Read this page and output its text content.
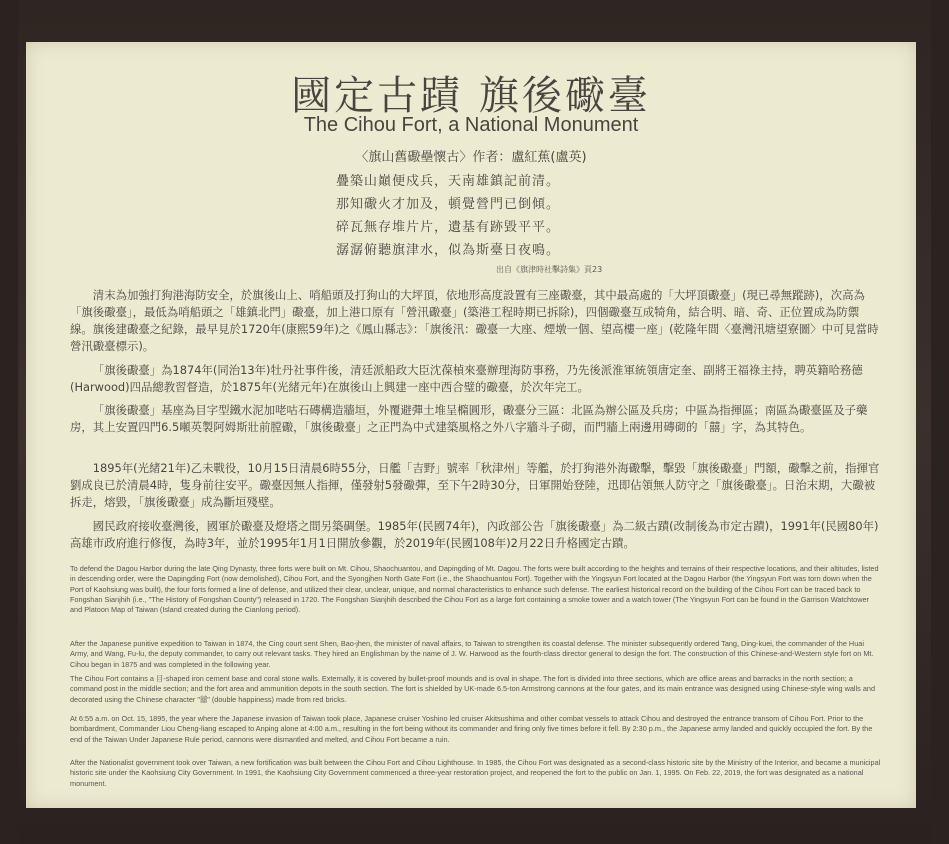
國定古蹟 旗後礮臺
The Cihou Fort, a National Monument
〈旗山舊礮壘懷古〉作者：盧紅蕉(盧英)
疊築山巔便戍兵，天南雄鎮記前清。
那知礮火才加及，頓覺營門已倒傾。
碎瓦無存堆片片，遺基有跡毀平平。
潺潺俯聽旗津水，似為斯臺日夜鳴。
出自《旗津時社擊詩集》頁23
清末為加強打狗港海防安全，於旗後山上、哨船頭及打狗山的大坪頂，依地形高度設置有三座礮臺，其中最高處的「大坪頂礮臺」(現已尋無蹤跡)，次高為「旗後礮臺」，最低為哨船頭之「雄鎮北門」礮臺，加上港口原有「營汛礮臺」(築港工程時期已拆除)，四個礮臺互成犄角，結合明、暗、奇、正位置成為防禦線。旗後建礮臺之紀錄，最早見於1720年(康熙59年)之《鳳山縣志》：「旗後汛：礮臺一大座、煙墩一個、望高樓一座」(乾隆年間〈臺灣汛塘望寮圖〉中可見當時營汛礮臺標示)。
「旗後礮臺」為1874年(同治13年)牡丹社事件後，清廷派船政大臣沈葆楨來臺辦理海防事務，乃先後派淮軍統領唐定奎、副將王福祿主持，聘英籍哈務德(Harwood)四品總教習督造，於1875年(光緒元年)在旗後山上興建一座中西合璧的礮臺，於次年完工。
「旗後礮臺」基座為目字型鐵水泥加咾咕石磚構造牆垣，外覆避彈土堆呈橢圓形，礮臺分三區：北區為辦公區及兵房；中區為指揮區；南區為礮臺區及子藥房，其上安置四門6.5噸英製阿姆斯壯前膛礮，「旗後礮臺」之正門為中式建築風格之外八字牆斗子砌，而門牆上兩邊用磚砌的「囍」字，為其特色。
1895年(光緒21年)乙未戰役，10月15日清晨6時55分，日艦「吉野」號率「秋津州」等艦，於打狗港外海礮擊，擊毀「旗後礮臺」門額，礮擊之前，指揮官劉成良已於清晨4時，隻身前往安平。礮臺因無人指揮，僅發射5發礮彈，至下午2時30分，日軍開始登陸，迅即佔領無人防守之「旗後礮臺」。日治末期，大礮被拆走，熔毀，「旗後礮臺」成為斷垣殘壁。
國民政府接收臺灣後，國軍於礮臺及燈塔之間另築碉堡。1985年(民國74年)，內政部公告「旗後礮臺」為二級古蹟(改制後為市定古蹟)，1991年(民國80年)高雄市政府進行修復，為時3年，並於1995年1月1日開放參觀，於2019年(民國108年)2月22日升格國定古蹟。
To defend the Dagou Harbor during the late Qing Dynasty, three forts were built on Mt. Cihou, Shaochuantou, and Dapingding of Mt. Dagou. The forts were built according to the heights and terrains of their respective locations, and their altitudes, listed in descending order, were the Dapingding Fort (now demolished), Cihou Fort, and the Syongjhen North Gate Fort (i.e., the Shaochuantou Fort). Together with the Yingsyun Fort located at the Dagou Harbor (the Yingsyun Fort was torn down when the Port of Kaohsiung was built), the four forts formed a line of defense, and utilized their clear, unclear, unique, and normal characteristics to enhance such defense. The earliest historical record on the building of the Cihou Fort can be traced back to Fongshan Sianjhih (i.e., "The History of Fongshan County") released in 1720. The Fongshan Sianjhih described the Cihou Fort as a large fort containing a smoke tower and a watch tower (The Yingsyun Fort can be found in the Garrison Watchtower and Platoon Map of Taiwan (Island created during the Cianlong period).
After the Japanese punitive expedition to Taiwan in 1874, the Cing court sent Shen, Bao-jhen, the minister of naval affairs, to Taiwan to strengthen its coastal defense. The minister subsequently ordered Tang, Ding-kuei, the commander of the Huai Army, and Wang, Fu-lu, the deputy commander, to carry out relevant tasks. They hired an Englishman by the name of J. W. Harwood as the fourth-class director general to design the fort. The construction of this Chinese-and-Western style fort on Mt. Cihou began in 1875 and was completed in the following year.
The Cihou Fort contains a 目-shaped iron cement base and coral stone walls. Externally, it is covered by bullet-proof mounds and is oval in shape. The fort is divided into three sections, which are office areas and barracks in the north section; a command post in the middle section; and the fort area and ammunition depots in the south section. The fort is shielded by UK-made 6.5-ton Armstrong cannons at the four gates, and its main entrance was designed using Chinese-style wing walls and decorated using the Chinese character "囍" (double happiness) made from red bricks.
At 6:55 a.m. on Oct. 15, 1895, the year where the Japanese invasion of Taiwan took place, Japanese cruiser Yoshino led cruiser Akitsushima and other combat vessels to attack Cihou and destroyed the entrance transom of Cihou Fort. Prior to the bombardment, Commander Liou Cheng-liang escaped to Anping alone at 4:00 a.m., resulting in the fort being without its commander and firing only five times before it fell. By 2:30 p.m., the Japanese army landed and quickly occupied the fort. By the end of the Taiwan Under Japanese Rule period, cannons were dismantled and melted, and Cihou Fort became a ruin.
After the Nationalist government took over Taiwan, a new fortification was built between the Cihou Fort and Cihou Lighthouse. In 1985, the Cihou Fort was designated as a second-class historic site by the Ministry of the Interior, and became a municipal historic site under the Kaohsiung City Government. In 1991, the Kaohsiung City Government commenced a three-year restoration project, and reopened the fort to the public on Jan. 1, 1995. On Feb. 22, 2019, the fort was designated as a national monument.
